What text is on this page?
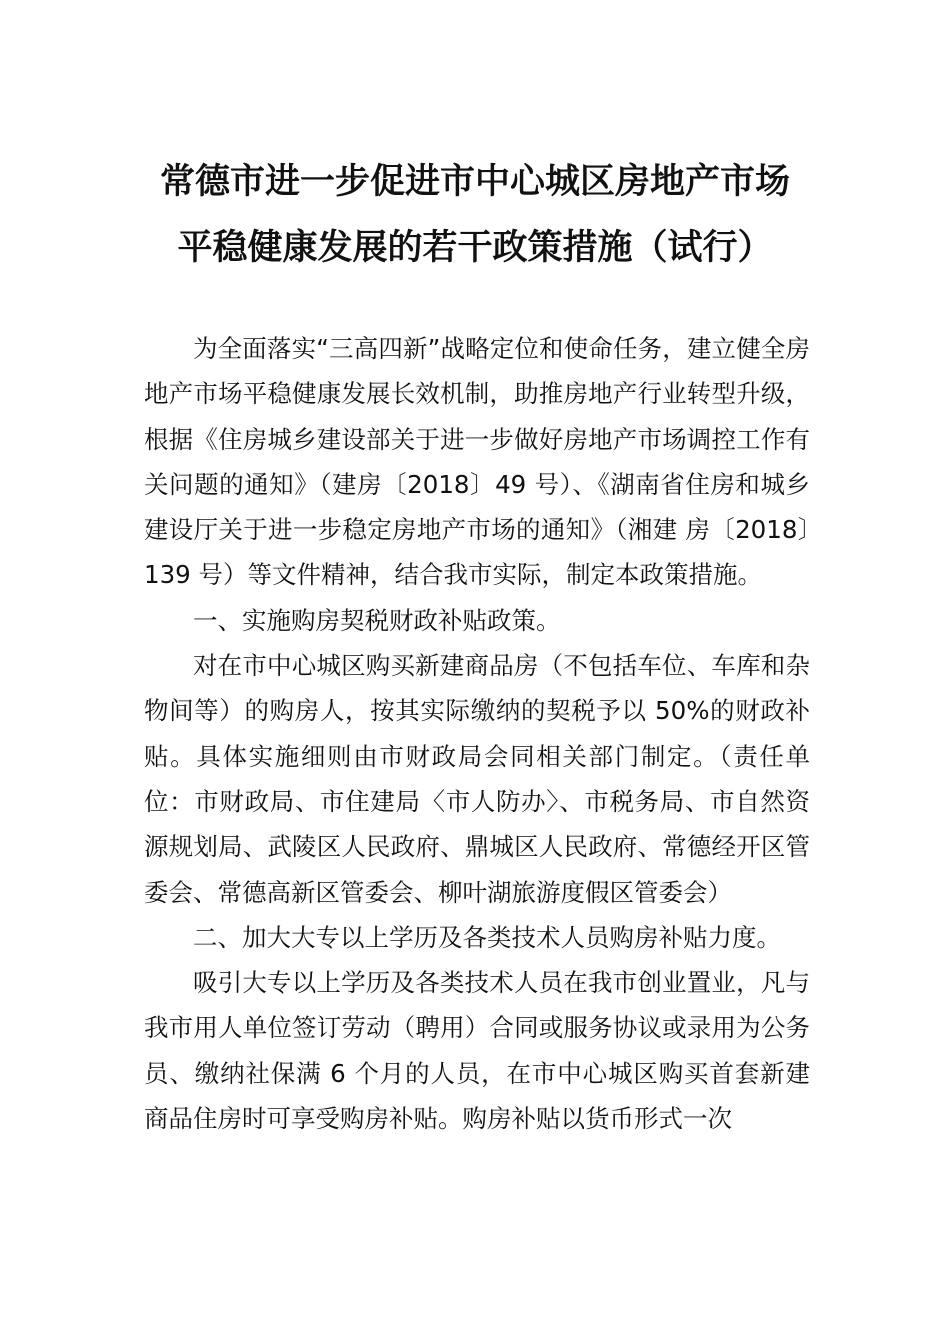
常德市进一步促进市中心城区房地产市场
平稳健康发展的若干政策措施（试行）

为全面落实“三高四新”战略定位和使命任务，建立健全房地产市场平稳健康发展长效机制，助推房地产行业转型升级，根据《住房城乡建设部关于进一步做好房地产市场调控工作有关问题的通知》（建房〔2018〕49 号）、《湖南省住房和城乡建设厅关于进一步稳定房地产市场的通知》（湘建 房〔2018〕139 号）等文件精神，结合我市实际，制定本政策措施。

一、实施购房契税财政补贴政策。

对在市中心城区购买新建商品房（不包括车位、车库和杂物间等）的购房人，按其实际缴纳的契税予以 50%的财政补贴。具体实施细则由市财政局会同相关部门制定。（责任单位：市财政局、市住建局〈市人防办〉、市税务局、市自然资源规划局、武陵区人民政府、鼎城区人民政府、常德经开区管委会、常德高新区管委会、柳叶湖旅游度假区管委会）

二、加大大专以上学历及各类技术人员购房补贴力度。

吸引大专以上学历及各类技术人员在我市创业置业，凡与我市用人单位签订劳动（聘用）合同或服务协议或录用为公务员、缴纳社保满 6 个月的人员，在市中心城区购买首套新建商品住房时可享受购房补贴。购房补贴以货币形式一次
